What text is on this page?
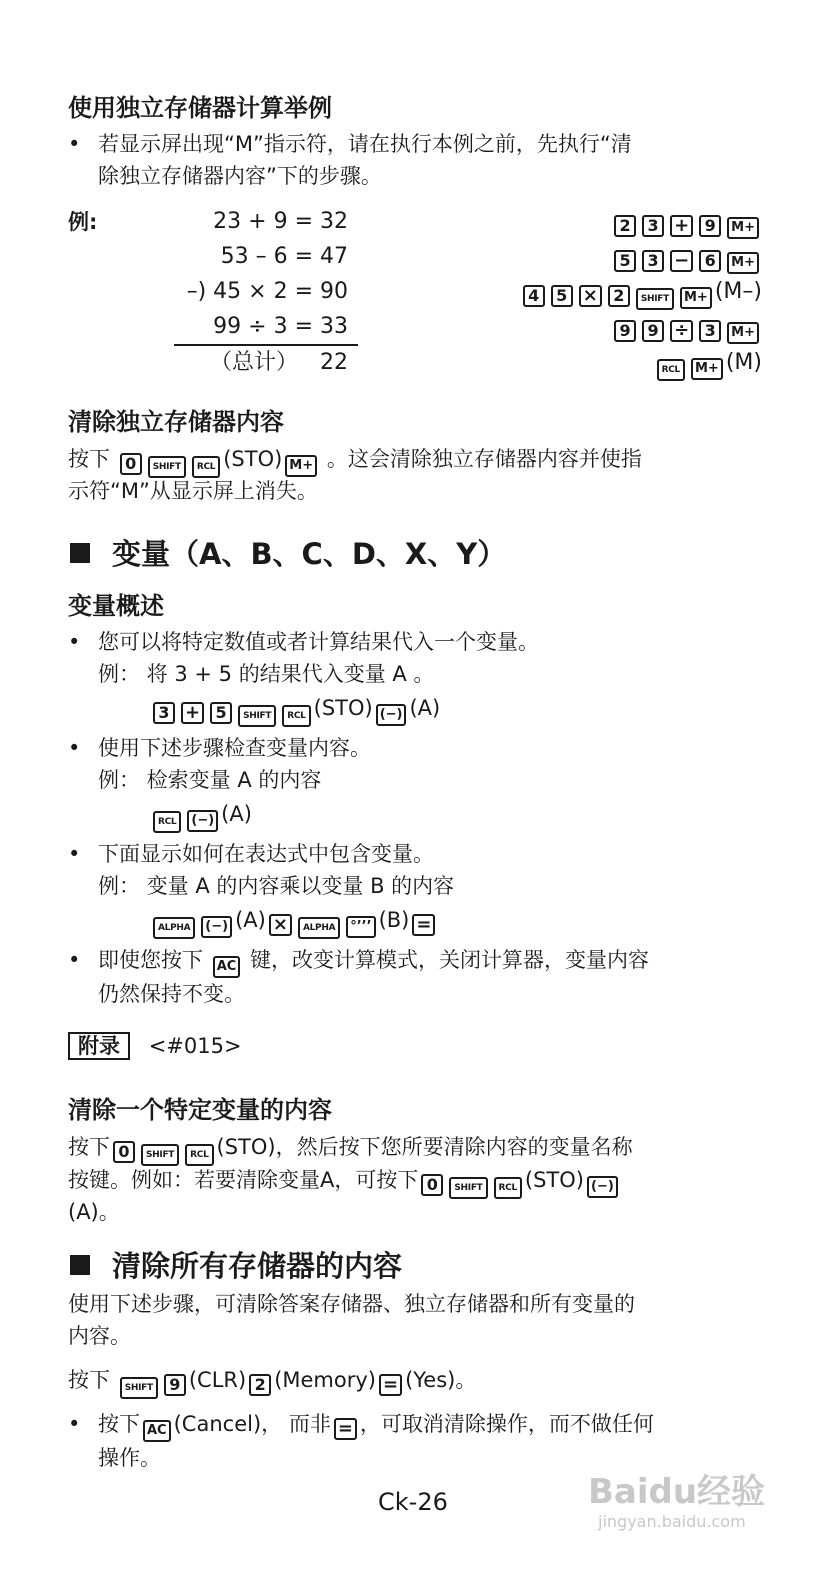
使用独立存储器计算举例
• 若显示屏出现“M”指示符，请在执行本例之前，先执行“清
除独立存储器内容”下的步骤。
例:	23 + 9 = 32
53 – 6 = 47
–) 45 × 2 = 90
99 ÷ 3 = 33
（总计） 22
2 3 + 9 M+
5 3 − 6 M+
4 5 × 2 SHIFT M+ (M–)
9 9 ÷ 3 M+
RCL M+ (M)
清除独立存储器内容
按下 0 SHIFT RCL (STO) M+ 。这会清除独立存储器内容并使指
示符“M”从显示屏上消失。
变量（A、B、C、D、X、Y）
变量概述
• 您可以将特定数值或者计算结果代入一个变量。
例： 将 3 + 5 的结果代入变量 A 。
3 + 5 SHIFT RCL (STO) (−) (A)
• 使用下述步骤检查变量内容。
例： 检索变量 A 的内容
RCL (−) (A)
• 下面显示如何在表达式中包含变量。
例： 变量 A 的内容乘以变量 B 的内容
ALPHA (−) (A) × ALPHA °’’’ (B) =
• 即使您按下 AC 键，改变计算模式，关闭计算器，变量内容
仍然保持不变。
附录 <#015>
清除一个特定变量的内容
按下 0 SHIFT RCL (STO)，然后按下您所要清除内容的变量名称
按键。例如：若要清除变量A，可按下 0 SHIFT RCL (STO) (−)
(A)。
清除所有存储器的内容
使用下述步骤，可清除答案存储器、独立存储器和所有变量的
内容。
按下 SHIFT 9 (CLR) 2 (Memory) = (Yes)。
• 按下 AC (Cancel)， 而非 = ，可取消清除操作，而不做任何
操作。
Ck-26	Baidu经验
jingyan.baidu.com
